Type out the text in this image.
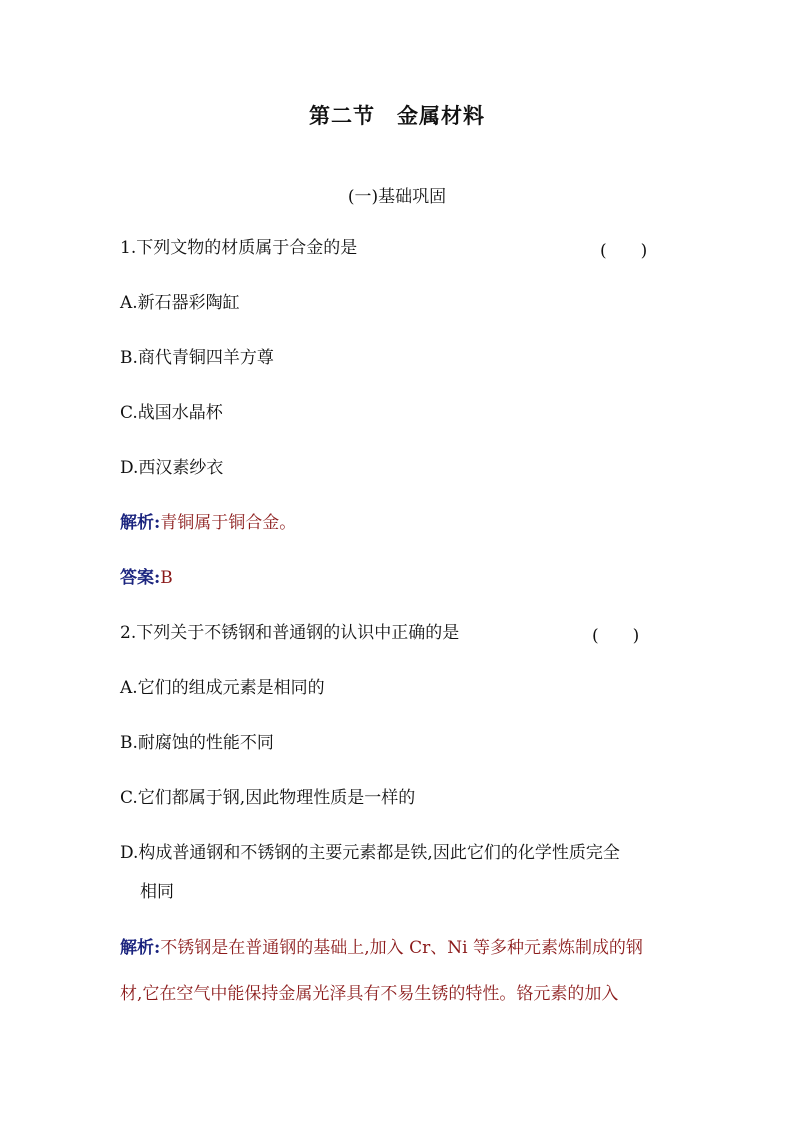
第二节　金属材料
(一)基础巩固
1.下列文物的材质属于合金的是	(　　)
A.新石器彩陶缸
B.商代青铜四羊方尊
C.战国水晶杯
D.西汉素纱衣
解析:青铜属于铜合金。
答案:B
2.下列关于不锈钢和普通钢的认识中正确的是	(　　)
A.它们的组成元素是相同的
B.耐腐蚀的性能不同
C.它们都属于钢,因此物理性质是一样的
D.构成普通钢和不锈钢的主要元素都是铁,因此它们的化学性质完全
相同
解析:不锈钢是在普通钢的基础上,加入 Cr、Ni 等多种元素炼制成的钢
材,它在空气中能保持金属光泽具有不易生锈的特性。铬元素的加入
